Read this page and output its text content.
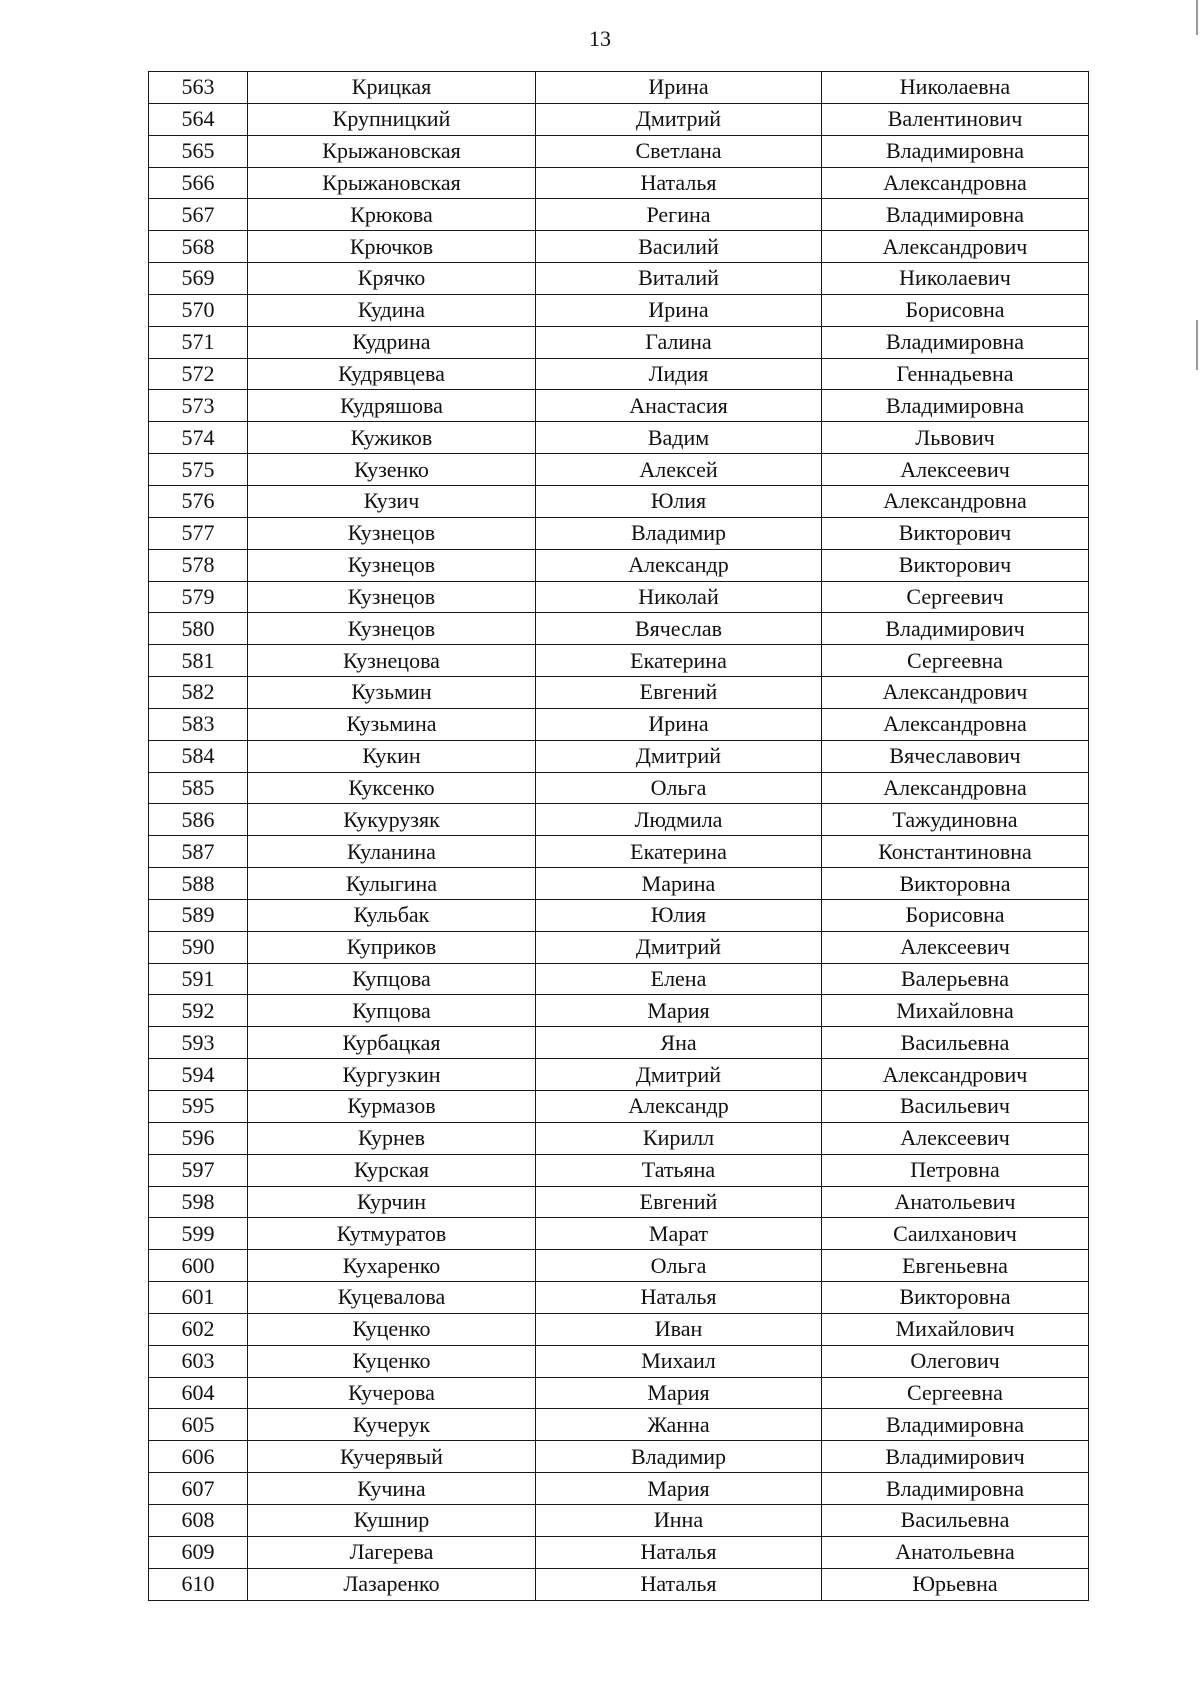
13
563	Крицкая	Ирина	Николаевна
564	Крупницкий	Дмитрий	Валентинович
565	Крыжановская	Светлана	Владимировна
566	Крыжановская	Наталья	Александровна
567	Крюкова	Регина	Владимировна
568	Крючков	Василий	Александрович
569	Крячко	Виталий	Николаевич
570	Кудина	Ирина	Борисовна
571	Кудрина	Галина	Владимировна
572	Кудрявцева	Лидия	Геннадьевна
573	Кудряшова	Анастасия	Владимировна
574	Кужиков	Вадим	Львович
575	Кузенко	Алексей	Алексеевич
576	Кузич	Юлия	Александровна
577	Кузнецов	Владимир	Викторович
578	Кузнецов	Александр	Викторович
579	Кузнецов	Николай	Сергеевич
580	Кузнецов	Вячеслав	Владимирович
581	Кузнецова	Екатерина	Сергеевна
582	Кузьмин	Евгений	Александрович
583	Кузьмина	Ирина	Александровна
584	Кукин	Дмитрий	Вячеславович
585	Куксенко	Ольга	Александровна
586	Кукурузяк	Людмила	Тажудиновна
587	Куланина	Екатерина	Константиновна
588	Кулыгина	Марина	Викторовна
589	Кульбак	Юлия	Борисовна
590	Куприков	Дмитрий	Алексеевич
591	Купцова	Елена	Валерьевна
592	Купцова	Мария	Михайловна
593	Курбацкая	Яна	Васильевна
594	Кургузкин	Дмитрий	Александрович
595	Курмазов	Александр	Васильевич
596	Курнев	Кирилл	Алексеевич
597	Курская	Татьяна	Петровна
598	Курчин	Евгений	Анатольевич
599	Кутмуратов	Марат	Саилханович
600	Кухаренко	Ольга	Евгеньевна
601	Куцевалова	Наталья	Викторовна
602	Куценко	Иван	Михайлович
603	Куценко	Михаил	Олегович
604	Кучерова	Мария	Сергеевна
605	Кучерук	Жанна	Владимировна
606	Кучерявый	Владимир	Владимирович
607	Кучина	Мария	Владимировна
608	Кушнир	Инна	Васильевна
609	Лагерева	Наталья	Анатольевна
610	Лазаренко	Наталья	Юрьевна
